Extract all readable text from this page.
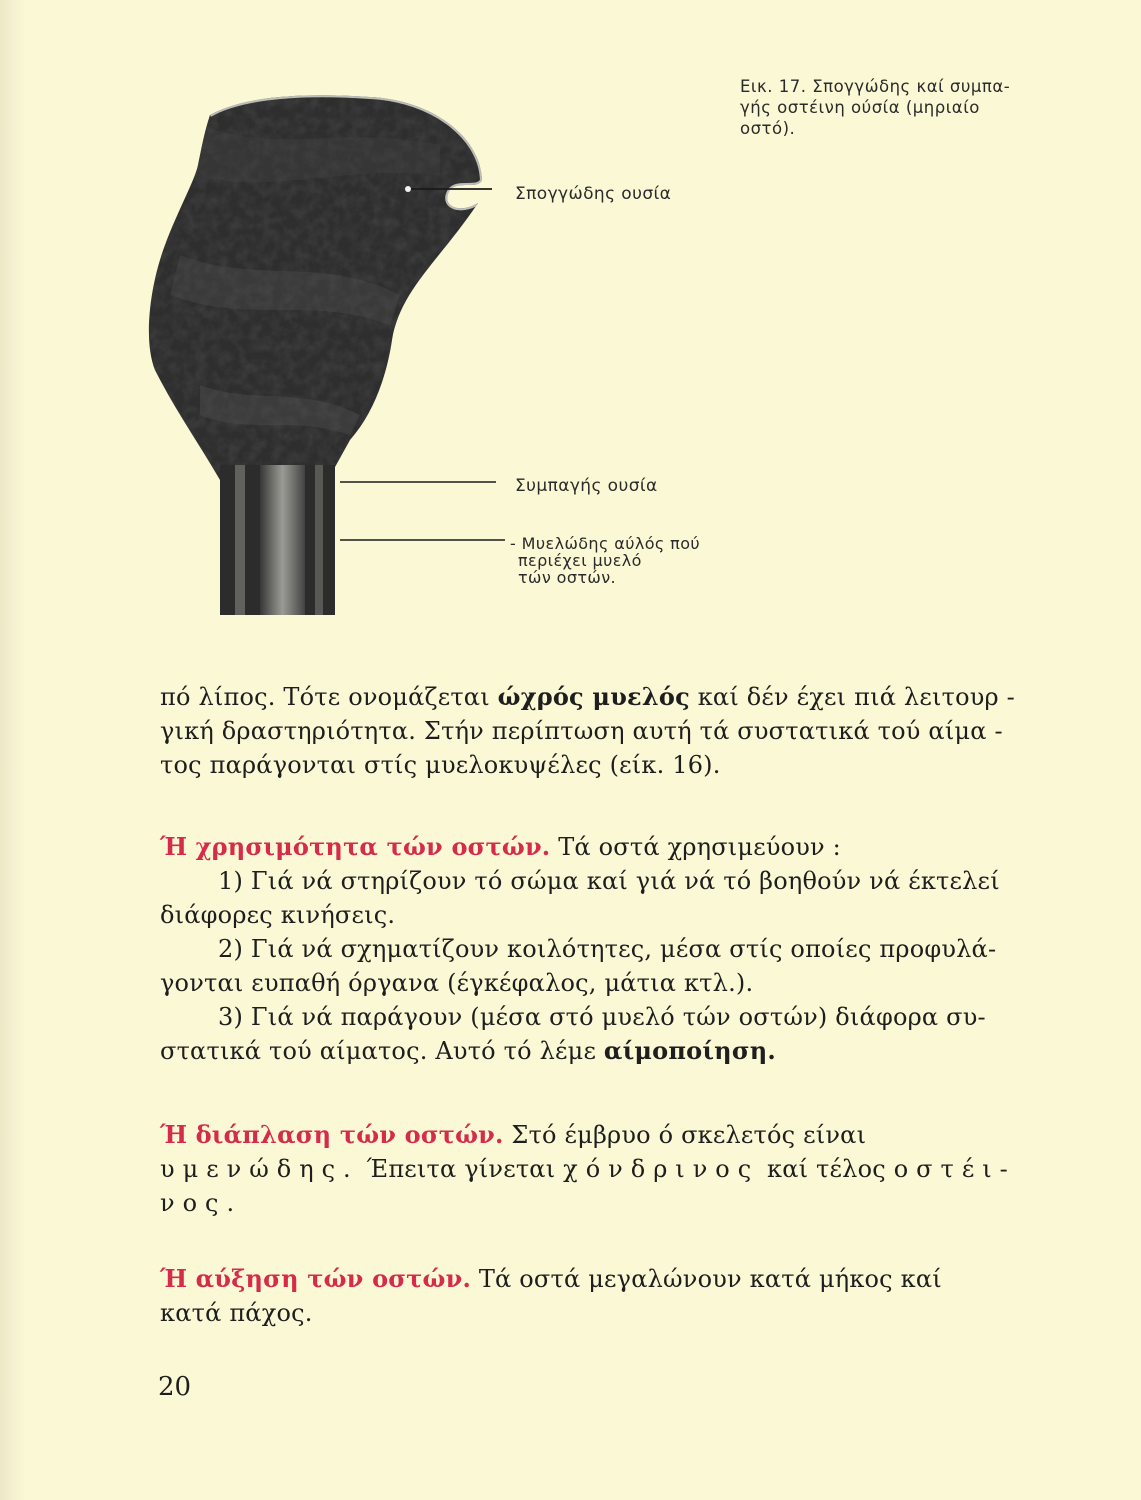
Εικ. 17. Σπογγώδης καί συμπα-
γής οστέινη ούσία (μηριαίο
οστό).
Σπογγώδης ουσία
Συμπαγής ουσία
- Μυελώδης αύλός πού
περιέχει μυελό
τών οστών.
πό λίπος. Τότε ονομάζεται ώχρός μυελός καί δέν έχει πιά λειτουρ -
γική δραστηριότητα. Στήν περίπτωση αυτή τά συστατικά τού αίμα -
τος παράγονται στίς μυελοκυψέλες (είκ. 16).
Ή χρησιμότητα τών οστών. Τά οστά χρησιμεύουν :
1) Γιά νά στηρίζουν τό σώμα καί γιά νά τό βοηθούν νά έκτελεί
διάφορες κινήσεις.
2) Γιά νά σχηματίζουν κοιλότητες, μέσα στίς οποίες προφυλά-
γονται ευπαθή όργανα (έγκέφαλος, μάτια κτλ.).
3) Γιά νά παράγουν (μέσα στό μυελό τών οστών) διάφορα συ-
στατικά τού αίματος. Αυτό τό λέμε αίμοποίηση.
Ή διάπλαση τών οστών. Στό έμβρυο ό σκελετός είναι
υμενώδης. Έπειτα γίνεται χόνδρινος καί τέλος οστέι-
νος.
Ή αύξηση τών οστών. Τά οστά μεγαλώνουν κατά μήκος καί
κατά πάχος.
20
